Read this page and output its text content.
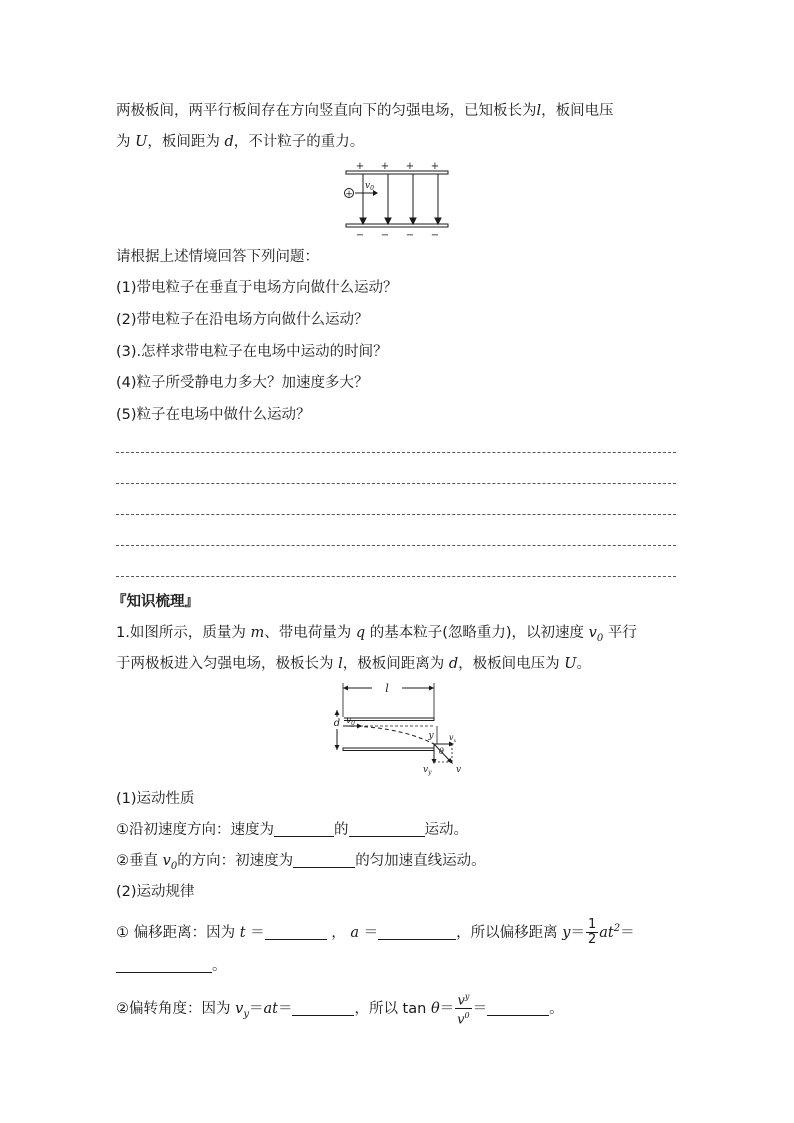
两极板间，两平行板间存在方向竖直向下的匀强电场，已知板长为l，板间电压
为 U，板间距为 d，不计粒子的重力。
+ + + +
+
$v_0$
− − − −
请根据上述情境回答下列问题：
(1)带电粒子在垂直于电场方向做什么运动？
(2)带电粒子在沿电场方向做什么运动？
(3).怎样求带电粒子在电场中运动的时间？
(4)粒子所受静电力多大？加速度多大？
(5)粒子在电场中做什么运动？
『知识梳理』
1.如图所示，质量为 m、带电荷量为 q 的基本粒子(忽略重力)，以初速度 $v_0$ 平行
于两极板进入匀强电场，极板长为 l，极板间距离为 d，极板间电压为 U。
l
d $v_0$
y $v_x$
$v_y$
θ
v
(1)运动性质
①沿初速度方向：速度为	的	运动。
②垂直 $v_0$的方向：初速度为	的匀加速直线运动。
(2)运动规律
① 偏移距离：因为 t ＝	， a ＝	，所以偏移距离 $y= \frac{1}{2} at^2=$
。
②偏转角度：因为 $v_y=at=$	，所以 $\tan \theta= \frac{v^y}{v^0}$ ＝	。
